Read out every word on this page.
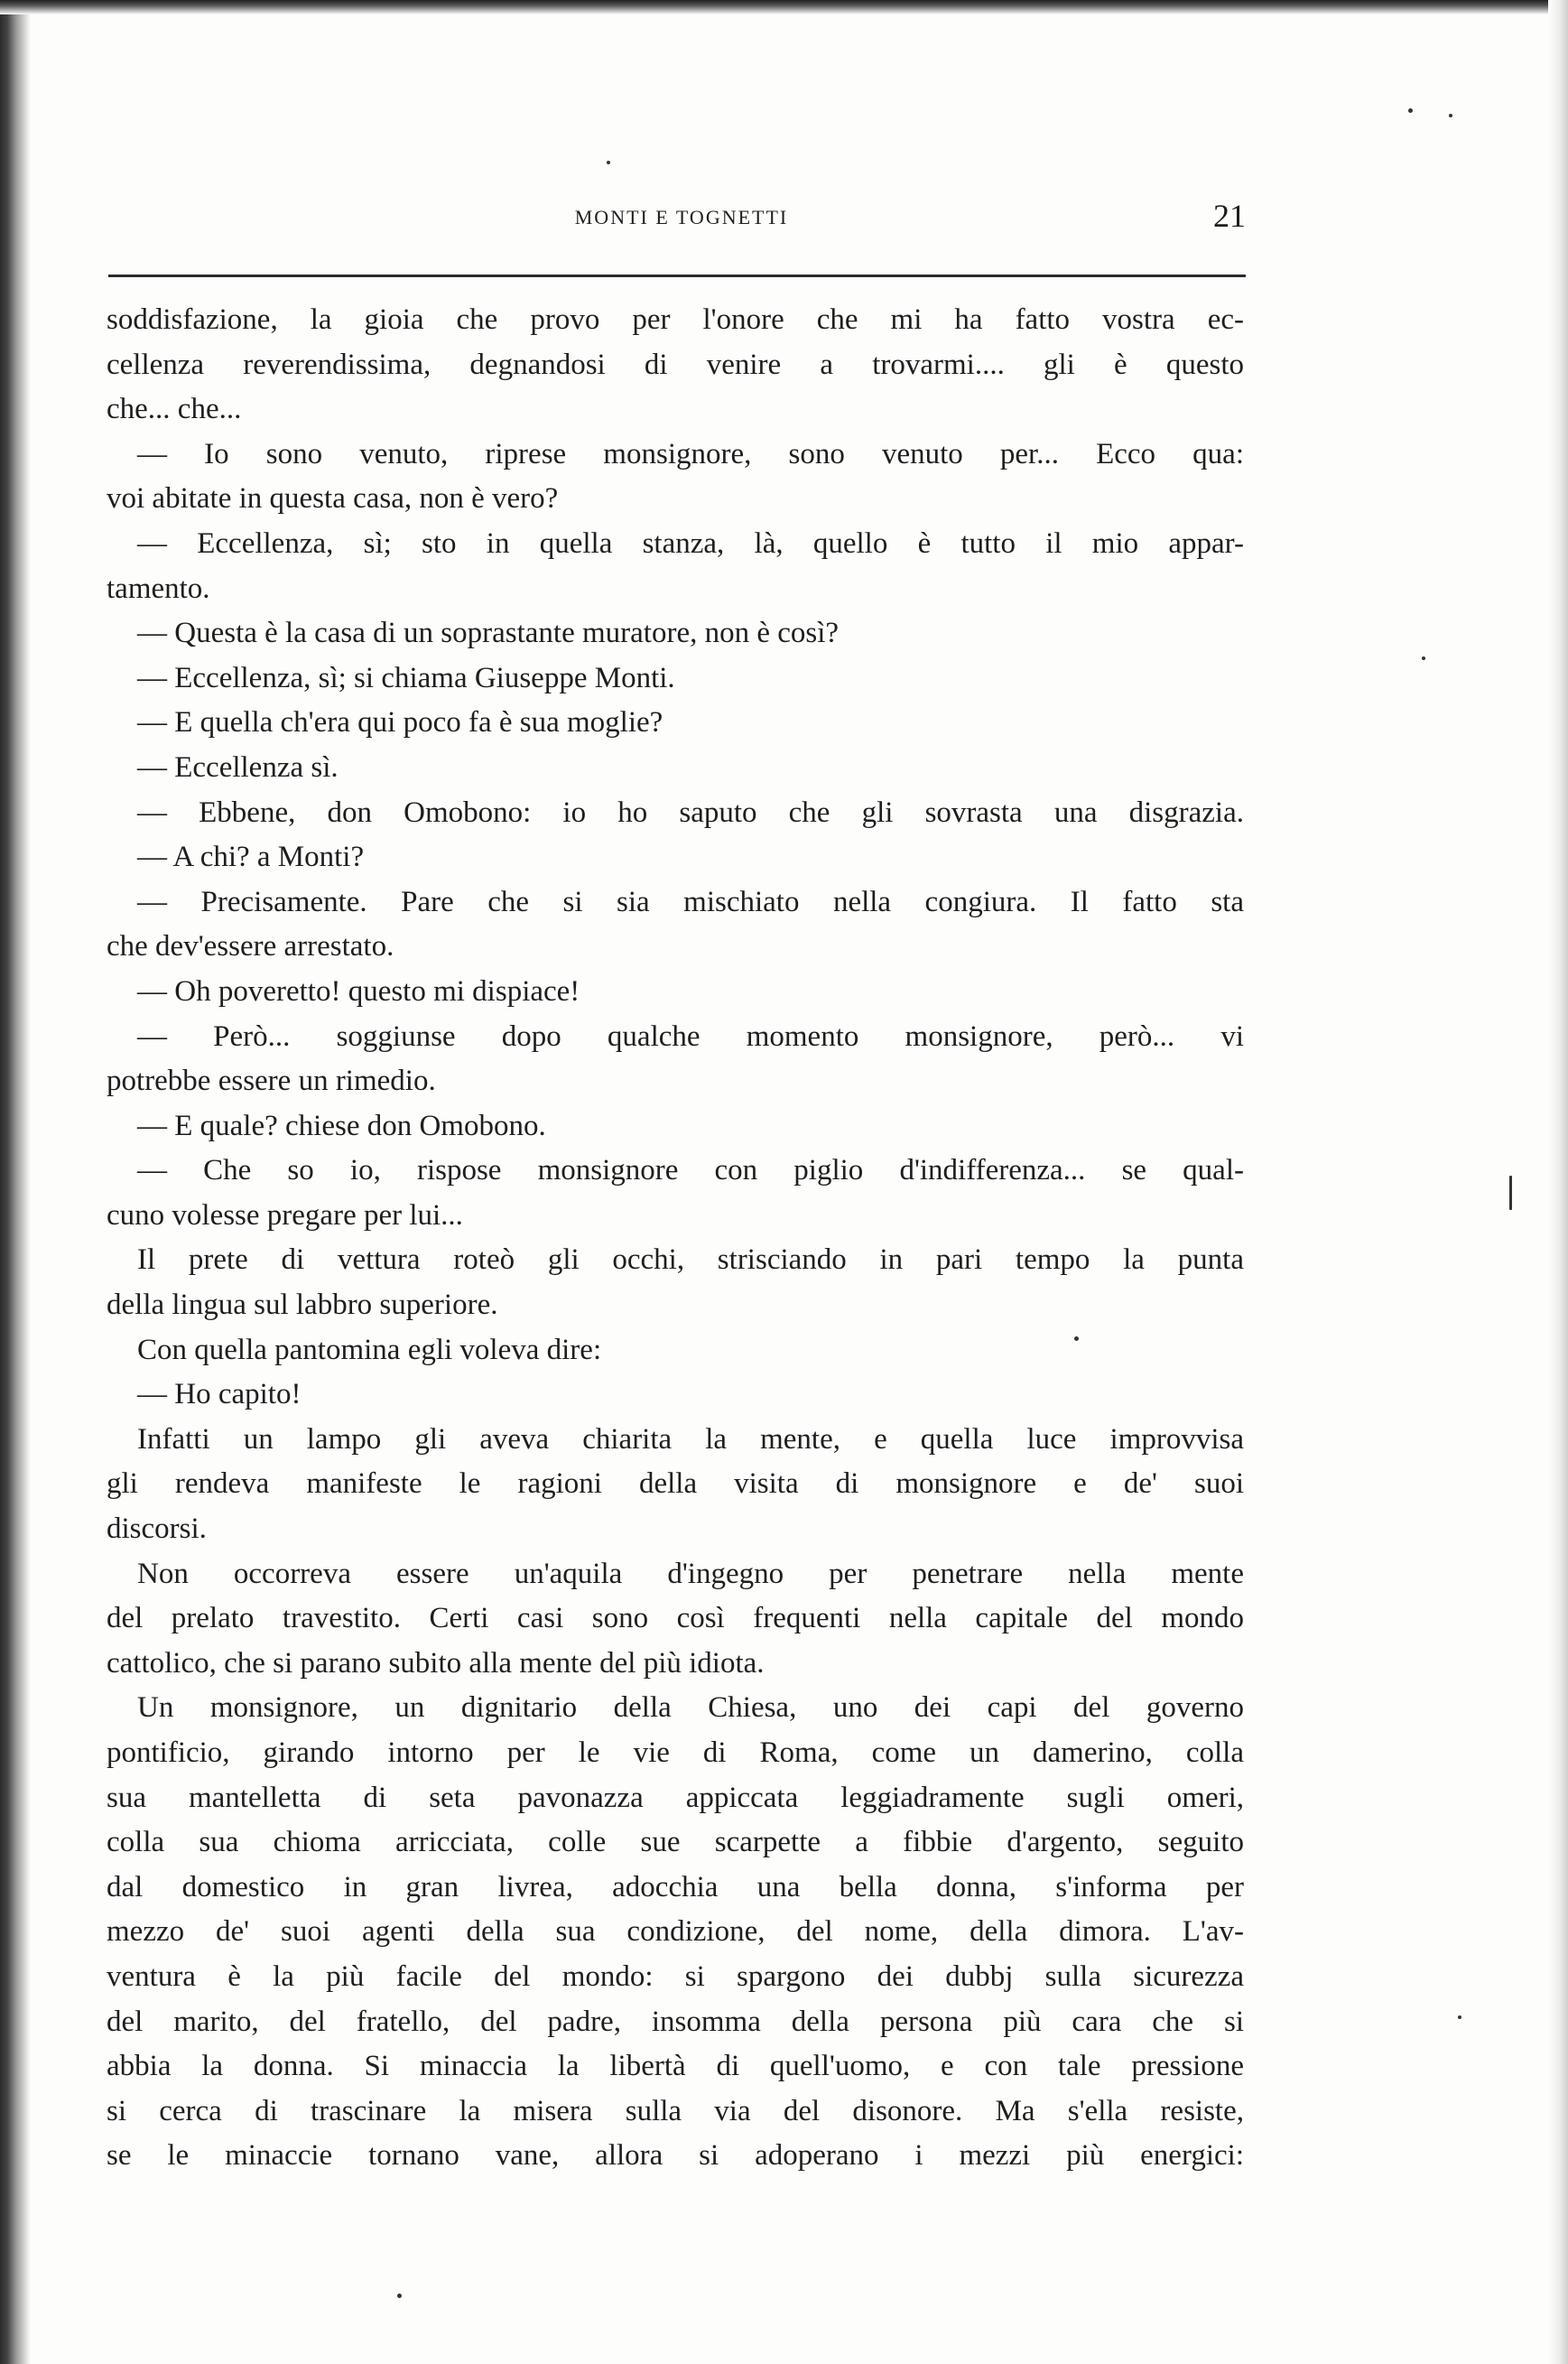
MONTI E TOGNETTI	21
soddisfazione, la gioia che provo per l'onore che mi ha fatto vostra ec-
cellenza reverendissima, degnandosi di venire a trovarmi.... gli è questo
che... che...
— Io sono venuto, riprese monsignore, sono venuto per... Ecco qua:
voi abitate in questa casa, non è vero?
— Eccellenza, sì; sto in quella stanza, là, quello è tutto il mio appar-
tamento.
— Questa è la casa di un soprastante muratore, non è così?
— Eccellenza, sì; si chiama Giuseppe Monti.
— E quella ch'era qui poco fa è sua moglie?
— Eccellenza sì.
— Ebbene, don Omobono: io ho saputo che gli sovrasta una disgrazia.
— A chi? a Monti?
— Precisamente. Pare che si sia mischiato nella congiura. Il fatto sta
che dev'essere arrestato.
— Oh poveretto! questo mi dispiace!
— Però... soggiunse dopo qualche momento monsignore, però... vi
potrebbe essere un rimedio.
— E quale? chiese don Omobono.
— Che so io, rispose monsignore con piglio d'indifferenza... se qual-
cuno volesse pregare per lui...
Il prete di vettura roteò gli occhi, strisciando in pari tempo la punta
della lingua sul labbro superiore.
Con quella pantomina egli voleva dire:
— Ho capito!
Infatti un lampo gli aveva chiarita la mente, e quella luce improvvisa
gli rendeva manifeste le ragioni della visita di monsignore e de' suoi
discorsi.
Non occorreva essere un'aquila d'ingegno per penetrare nella mente
del prelato travestito. Certi casi sono così frequenti nella capitale del mondo
cattolico, che si parano subito alla mente del più idiota.
Un monsignore, un dignitario della Chiesa, uno dei capi del governo
pontificio, girando intorno per le vie di Roma, come un damerino, colla
sua mantelletta di seta pavonazza appiccata leggiadramente sugli omeri,
colla sua chioma arricciata, colle sue scarpette a fibbie d'argento, seguito
dal domestico in gran livrea, adocchia una bella donna, s'informa per
mezzo de' suoi agenti della sua condizione, del nome, della dimora. L'av-
ventura è la più facile del mondo: si spargono dei dubbj sulla sicurezza
del marito, del fratello, del padre, insomma della persona più cara che si
abbia la donna. Si minaccia la libertà di quell'uomo, e con tale pressione
si cerca di trascinare la misera sulla via del disonore. Ma s'ella resiste,
se le minaccie tornano vane, allora si adoperano i mezzi più energici:
